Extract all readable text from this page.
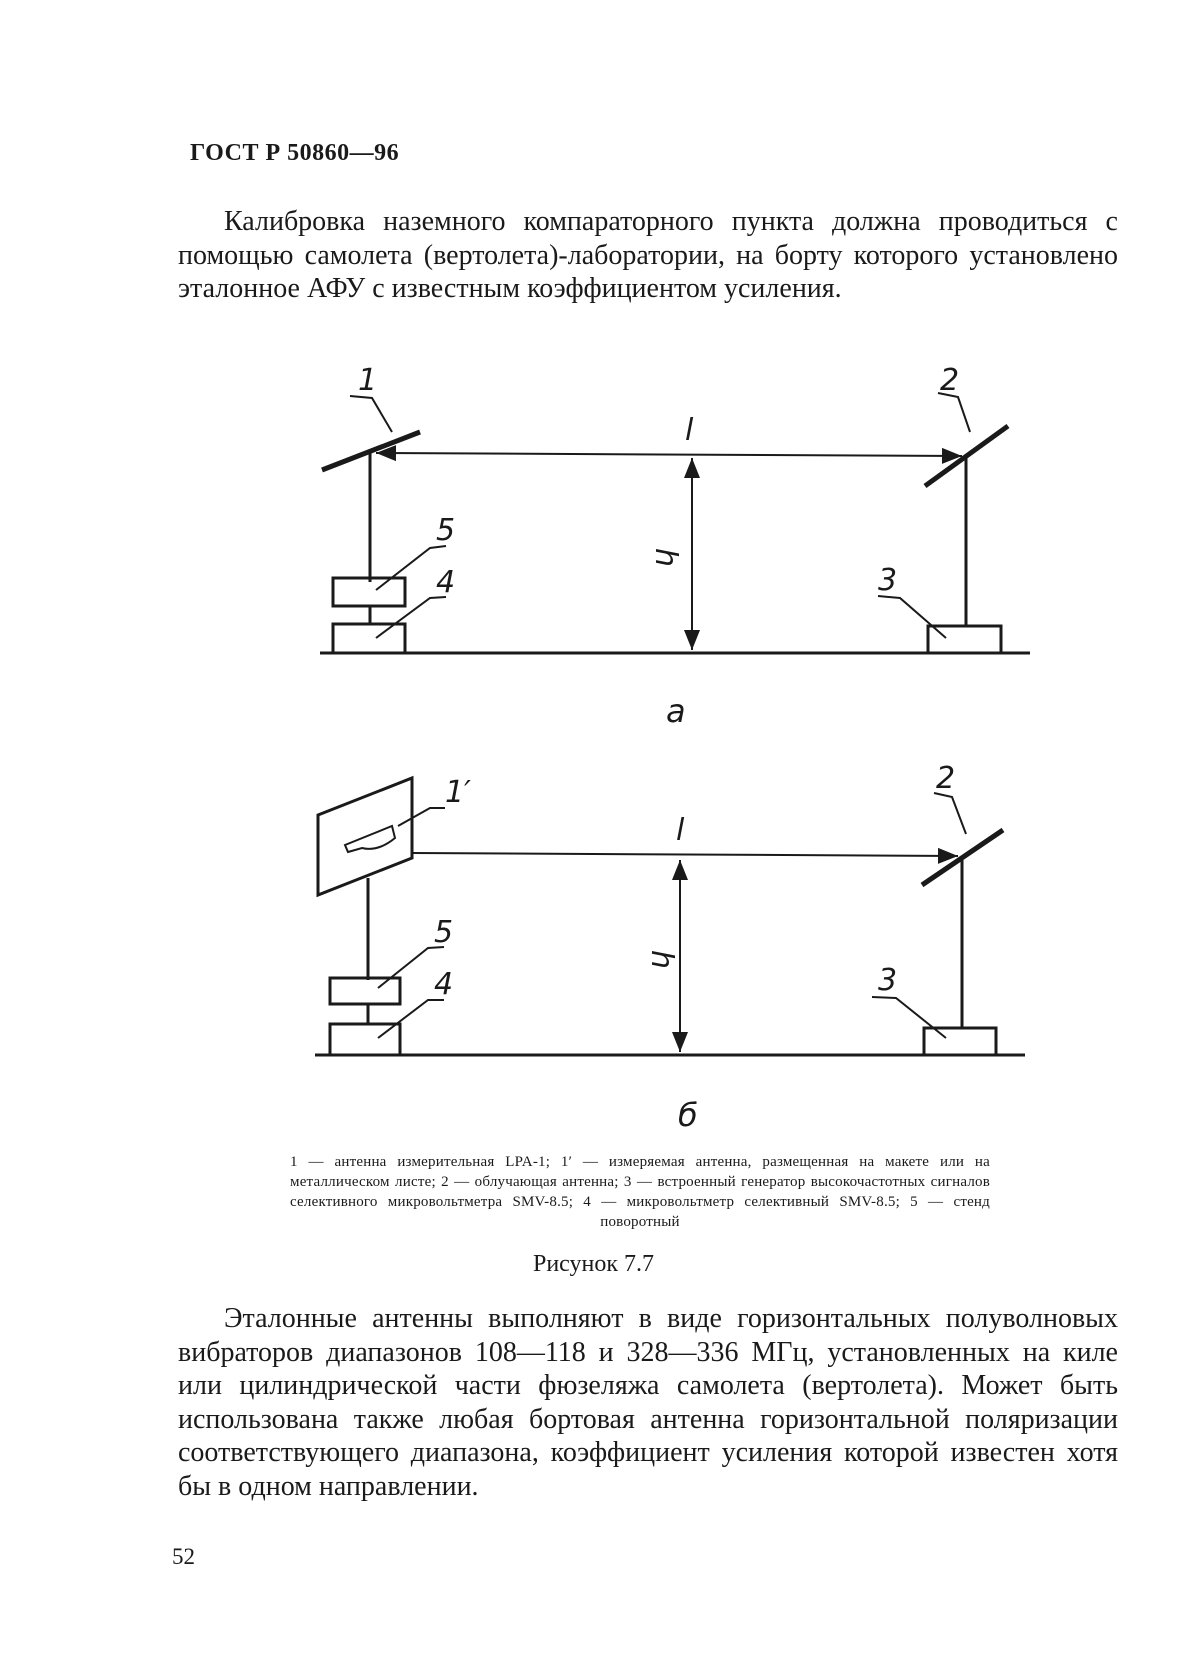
ГОСТ Р 50860—96
Калибровка наземного компараторного пункта должна проводиться с помощью самолета (вертолета)-лаборатории, на борту которого установлено эталонное АФУ с известным коэффициентом усиления.
1	2
l
h
5
4	3
1′	2
l
h
5
4	3
а
б
1 — антенна измерительная LPA-1; 1′ — измеряемая антенна, размещенная на макете или на металлическом листе; 2 — облучающая антенна; 3 — встроенный генератор высокочастотных сигналов селективного микровольтметра SMV-8.5; 4 — микровольтметр селективный SMV-8.5; 5 — стенд поворотный
Рисунок 7.7
Эталонные антенны выполняют в виде горизонтальных полуволновых вибраторов диапазонов 108—118 и 328—336 МГц, установленных на киле или цилиндрической части фюзеляжа самолета (вертолета). Может быть использована также любая бортовая антенна горизонтальной поляризации соответствующего диапазона, коэффициент усиления которой известен хотя бы в одном направлении.
52
